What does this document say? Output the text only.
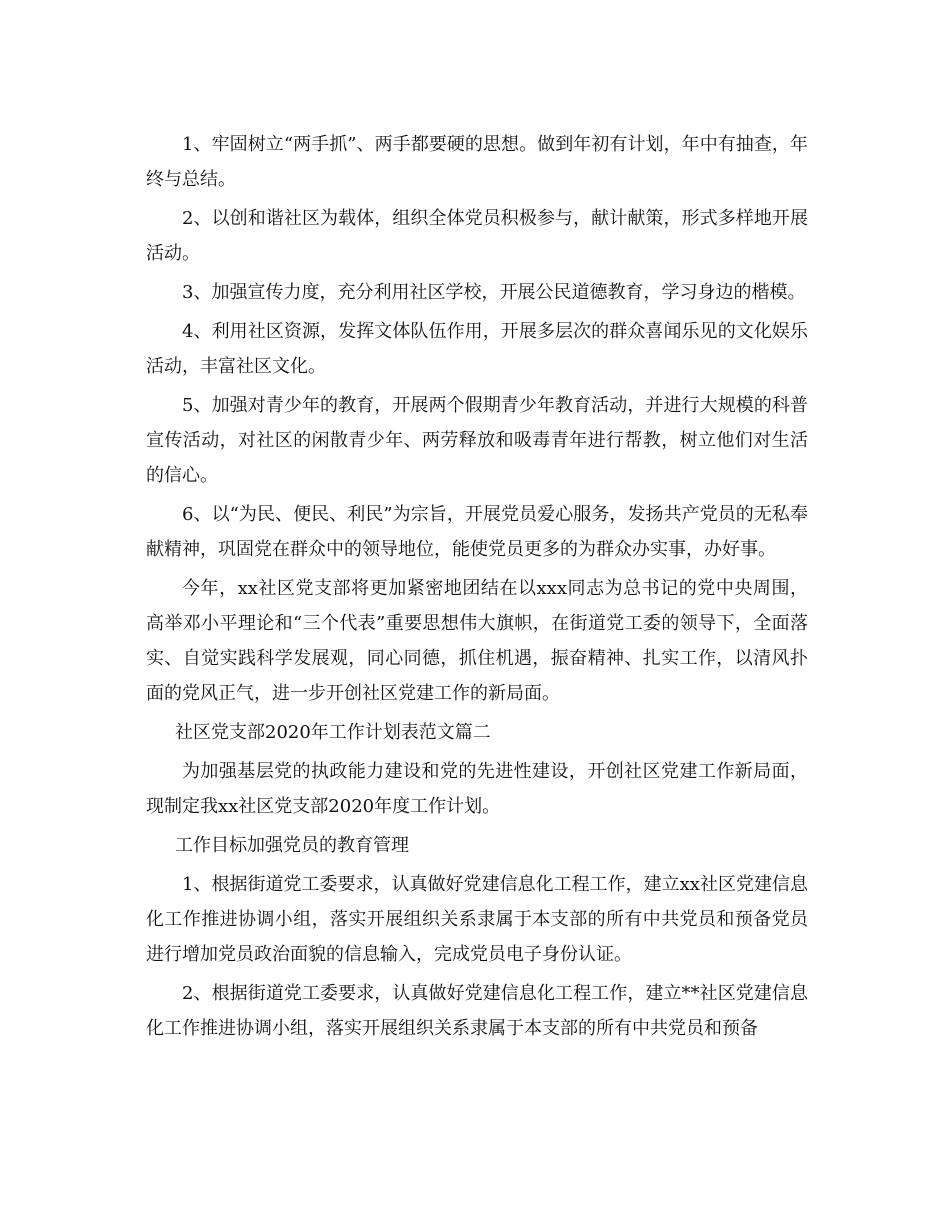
1、牢固树立“两手抓”、两手都要硬的思想。做到年初有计划，年中有抽查，年终与总结。

2、以创和谐社区为载体，组织全体党员积极参与，献计献策，形式多样地开展活动。

3、加强宣传力度，充分利用社区学校，开展公民道德教育，学习身边的楷模。

4、利用社区资源，发挥文体队伍作用，开展多层次的群众喜闻乐见的文化娱乐活动，丰富社区文化。

5、加强对青少年的教育，开展两个假期青少年教育活动，并进行大规模的科普宣传活动，对社区的闲散青少年、两劳释放和吸毒青年进行帮教，树立他们对生活的信心。

6、以“为民、便民、利民”为宗旨，开展党员爱心服务，发扬共产党员的无私奉献精神，巩固党在群众中的领导地位，能使党员更多的为群众办实事，办好事。

今年，xx社区党支部将更加紧密地团结在以xxx同志为总书记的党中央周围，高举邓小平理论和“三个代表”重要思想伟大旗帜，在街道党工委的领导下，全面落实、自觉实践科学发展观，同心同德，抓住机遇，振奋精神、扎实工作，以清风扑面的党风正气，进一步开创社区党建工作的新局面。

社区党支部2020年工作计划表范文篇二

为加强基层党的执政能力建设和党的先进性建设，开创社区党建工作新局面，现制定我xx社区党支部2020年度工作计划。

工作目标加强党员的教育管理

1、根据街道党工委要求，认真做好党建信息化工程工作，建立xx社区党建信息化工作推进协调小组，落实开展组织关系隶属于本支部的所有中共党员和预备党员进行增加党员政治面貌的信息输入，完成党员电子身份认证。

2、根据街道党工委要求，认真做好党建信息化工程工作，建立**社区党建信息化工作推进协调小组，落实开展组织关系隶属于本支部的所有中共党员和预备
